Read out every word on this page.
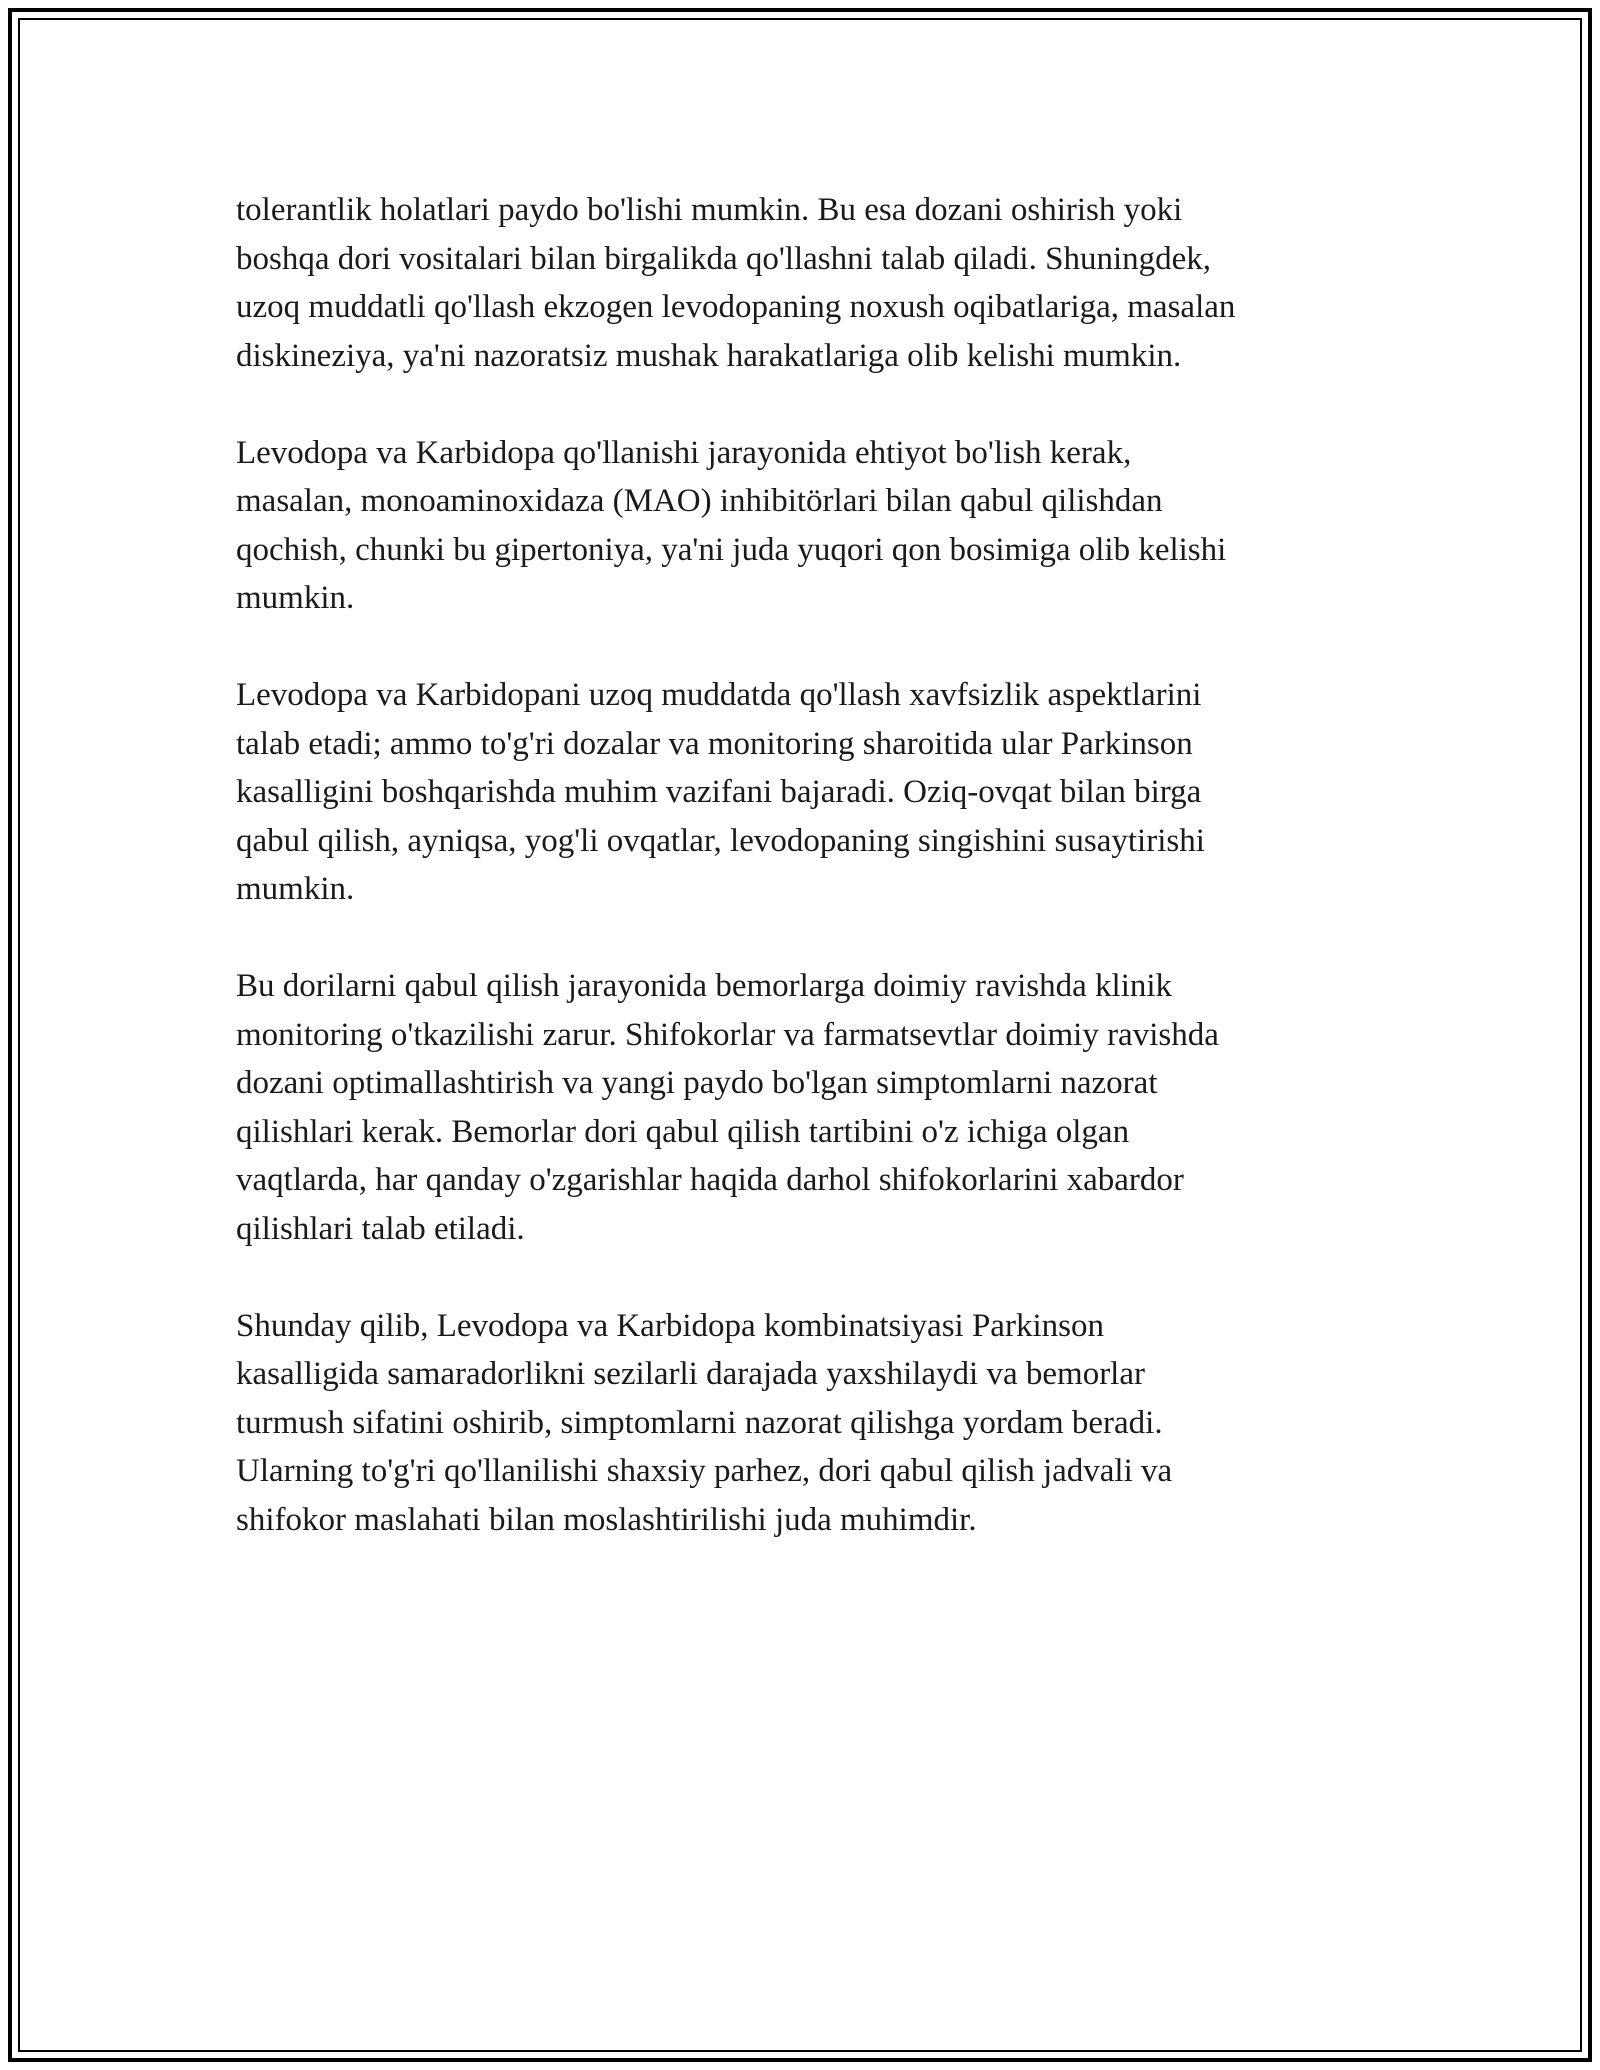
tolerantlik holatlari paydo bo'lishi mumkin. Bu esa dozani oshirish yoki
boshqa dori vositalari bilan birgalikda qo'llashni talab qiladi. Shuningdek,
uzoq muddatli qo'llash ekzogen levodopaning noxush oqibatlariga, masalan
diskineziya, ya'ni nazoratsiz mushak harakatlariga olib kelishi mumkin.

Levodopa va Karbidopa qo'llanishi jarayonida ehtiyot bo'lish kerak,
masalan, monoaminoxidaza (MAO) inhibitörlari bilan qabul qilishdan
qochish, chunki bu gipertoniya, ya'ni juda yuqori qon bosimiga olib kelishi
mumkin.

Levodopa va Karbidopani uzoq muddatda qo'llash xavfsizlik aspektlarini
talab etadi; ammo to'g'ri dozalar va monitoring sharoitida ular Parkinson
kasalligini boshqarishda muhim vazifani bajaradi. Oziq-ovqat bilan birga
qabul qilish, ayniqsa, yog'li ovqatlar, levodopaning singishini susaytirishi
mumkin.

Bu dorilarni qabul qilish jarayonida bemorlarga doimiy ravishda klinik
monitoring o'tkazilishi zarur. Shifokorlar va farmatsevtlar doimiy ravishda
dozani optimallashtirish va yangi paydo bo'lgan simptomlarni nazorat
qilishlari kerak. Bemorlar dori qabul qilish tartibini o'z ichiga olgan
vaqtlarda, har qanday o'zgarishlar haqida darhol shifokorlarini xabardor
qilishlari talab etiladi.

Shunday qilib, Levodopa va Karbidopa kombinatsiyasi Parkinson
kasalligida samaradorlikni sezilarli darajada yaxshilaydi va bemorlar
turmush sifatini oshirib, simptomlarni nazorat qilishga yordam beradi.
Ularning to'g'ri qo'llanilishi shaxsiy parhez, dori qabul qilish jadvali va
shifokor maslahati bilan moslashtirilishi juda muhimdir.
